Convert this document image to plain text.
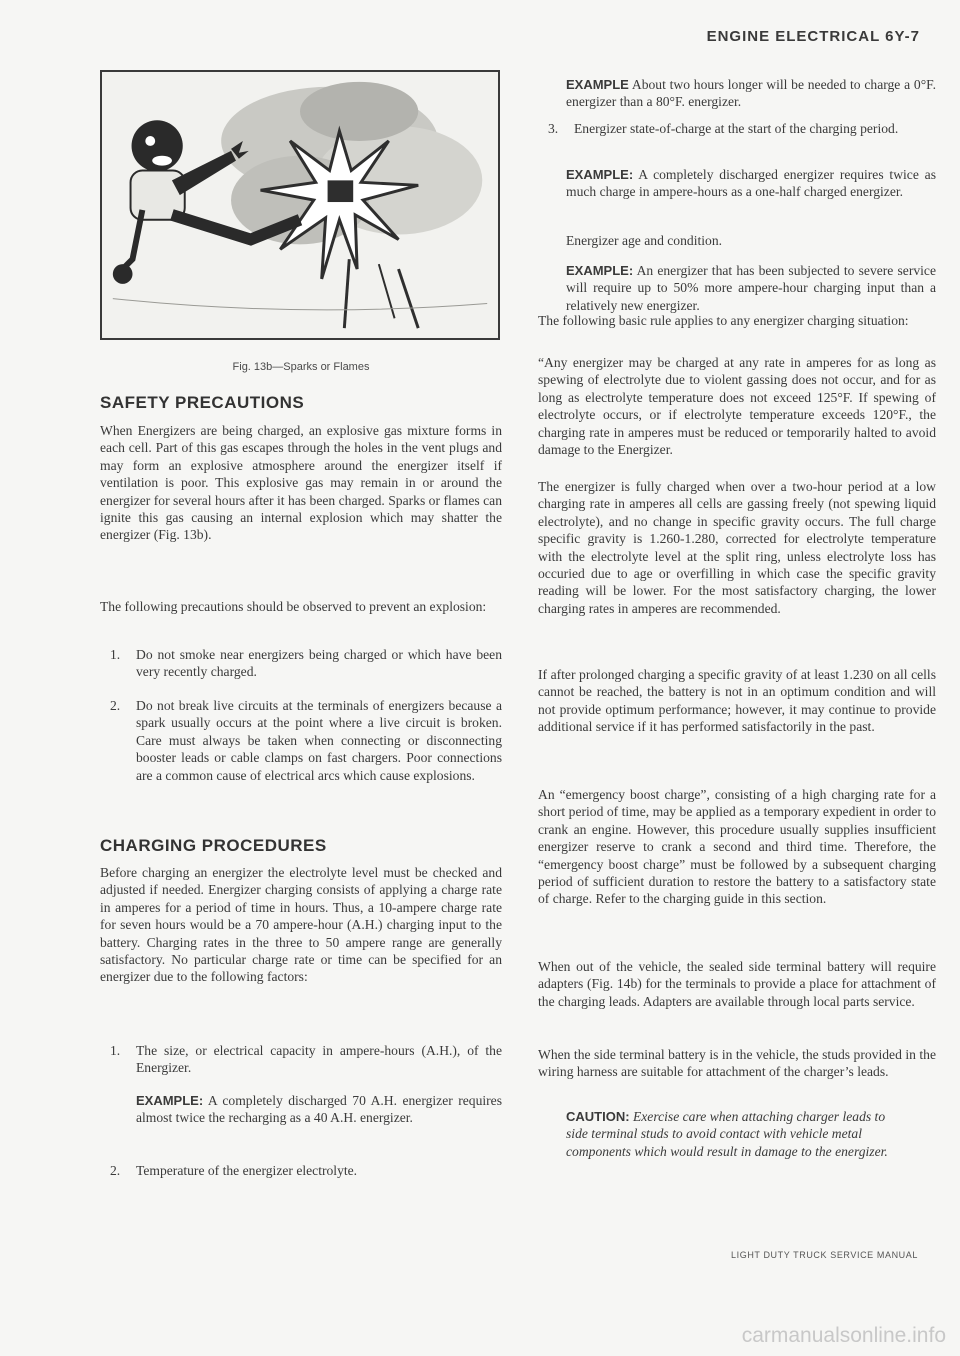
ENGINE ELECTRICAL 6Y-7
Fig. 13b—Sparks or Flames
SAFETY PRECAUTIONS

When Energizers are being charged, an explosive gas mixture forms in each cell. Part of this gas escapes through the holes in the vent plugs and may form an explosive atmosphere around the energizer itself if ventilation is poor. This explosive gas may remain in or around the energizer for several hours after it has been charged. Sparks or flames can ignite this gas causing an internal explosion which may shatter the energizer (Fig. 13b).

The following precautions should be observed to prevent an explosion:

1.	Do not smoke near energizers being charged or which have been very recently charged.
2.	Do not break live circuits at the terminals of energizers because a spark usually occurs at the point where a live circuit is broken. Care must always be taken when connecting or disconnecting booster leads or cable clamps on fast chargers. Poor connections are a common cause of electrical arcs which cause explosions.
CHARGING PROCEDURES

Before charging an energizer the electrolyte level must be checked and adjusted if needed. Energizer charging consists of applying a charge rate in amperes for a period of time in hours. Thus, a 10-ampere charge rate for seven hours would be a 70 ampere-hour (A.H.) charging input to the battery. Charging rates in the three to 50 ampere range are generally satisfactory. No particular charge rate or time can be specified for an energizer due to the following factors:

1.	The size, or electrical capacity in ampere-hours (A.H.), of the Energizer.

EXAMPLE: A completely discharged 70 A.H. energizer requires almost twice the recharging as a 40 A.H. energizer.

2.	Temperature of the energizer electrolyte.

EXAMPLE About two hours longer will be needed to charge a 0°F. energizer than a 80°F. energizer.

3.	Energizer state-of-charge at the start of the charging period.

EXAMPLE: A completely discharged energizer requires twice as much charge in ampere-hours as a one-half charged energizer.

Energizer age and condition.

EXAMPLE: An energizer that has been subjected to severe service will require up to 50% more ampere-hour charging input than a relatively new energizer.

The following basic rule applies to any energizer charging situation:

“Any energizer may be charged at any rate in amperes for as long as spewing of electrolyte due to violent gassing does not occur, and for as long as electrolyte temperature does not exceed 125°F. If spewing of electrolyte occurs, or if electrolyte temperature exceeds 120°F., the charging rate in amperes must be reduced or temporarily halted to avoid damage to the Energizer.

The energizer is fully charged when over a two-hour period at a low charging rate in amperes all cells are gassing freely (not spewing liquid electrolyte), and no change in specific gravity occurs. The full charge specific gravity is 1.260-1.280, corrected for electrolyte temperature with the electrolyte level at the split ring, unless electrolyte loss has occuried due to age or overfilling in which case the specific gravity reading will be lower. For the most satisfactory charging, the lower charging rates in amperes are recommended.

If after prolonged charging a specific gravity of at least 1.230 on all cells cannot be reached, the battery is not in an optimum condition and will not provide optimum performance; however, it may continue to provide additional service if it has performed satisfactorily in the past.

An “emergency boost charge”, consisting of a high charging rate for a short period of time, may be applied as a temporary expedient in order to crank an engine. However, this procedure usually supplies insufficient energizer reserve to crank a second and third time. Therefore, the “emergency boost charge” must be followed by a subsequent charging period of sufficient duration to restore the battery to a satisfactory state of charge. Refer to the charging guide in this section.

When out of the vehicle, the sealed side terminal battery will require adapters (Fig. 14b) for the terminals to provide a place for attachment of the charging leads. Adapters are available through local parts service.

When the side terminal battery is in the vehicle, the studs provided in the wiring harness are suitable for attachment of the charger’s leads.

CAUTION: Exercise care when attaching charger leads to side terminal studs to avoid contact with vehicle metal components which would result in damage to the energizer.

LIGHT DUTY TRUCK SERVICE MANUAL
carmanualsonline.info
